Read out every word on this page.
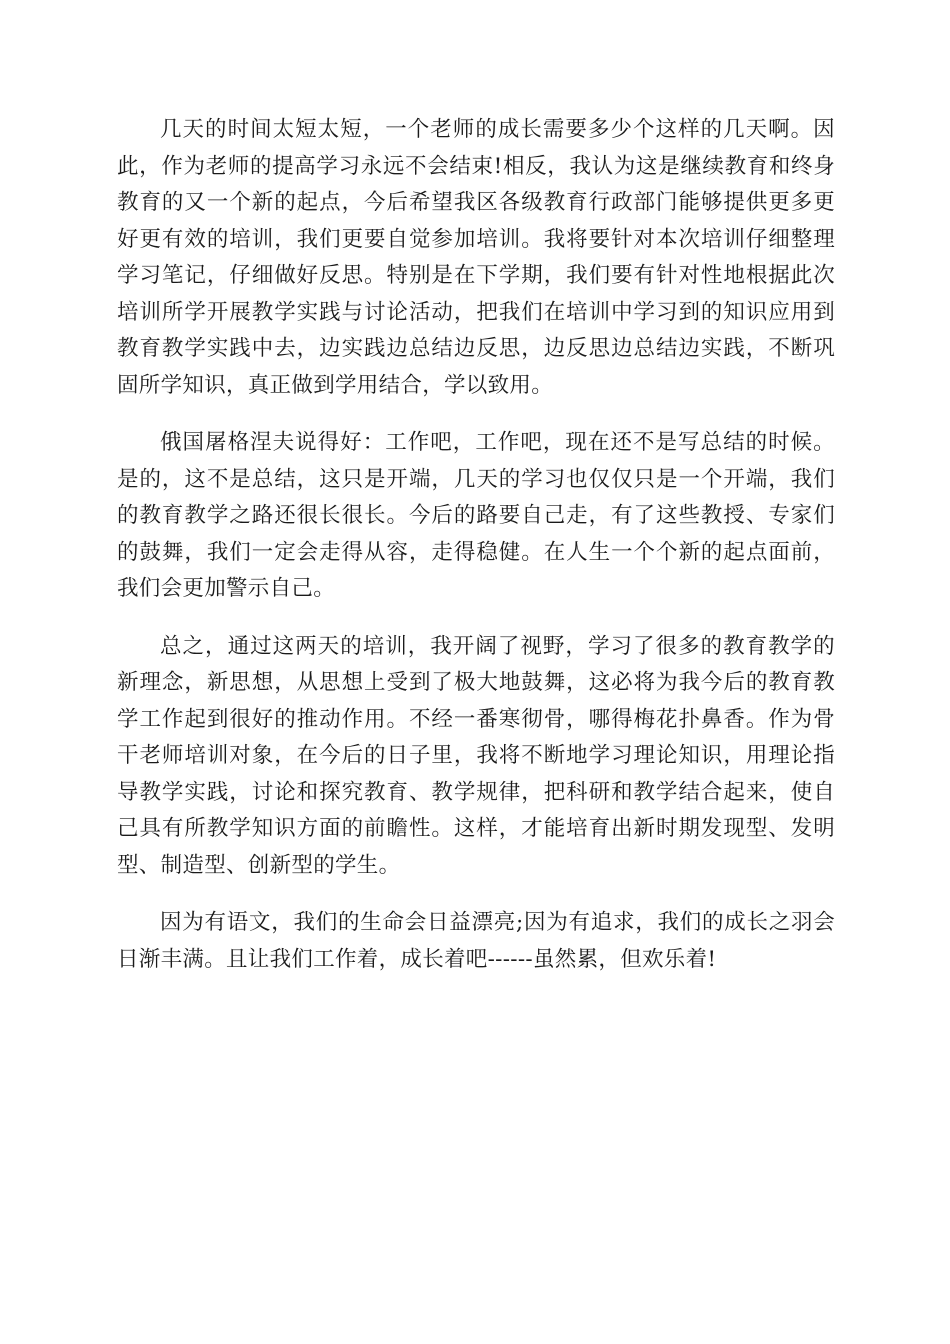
几天的时间太短太短，一个老师的成长需要多少个这样的几天啊。因此，作为老师的提高学习永远不会结束!相反，我认为这是继续教育和终身教育的又一个新的起点，今后希望我区各级教育行政部门能够提供更多更好更有效的培训，我们更要自觉参加培训。我将要针对本次培训仔细整理学习笔记，仔细做好反思。特别是在下学期，我们要有针对性地根据此次培训所学开展教学实践与讨论活动，把我们在培训中学习到的知识应用到教育教学实践中去，边实践边总结边反思，边反思边总结边实践，不断巩固所学知识，真正做到学用结合，学以致用。

俄国屠格涅夫说得好：工作吧，工作吧，现在还不是写总结的时候。是的，这不是总结，这只是开端，几天的学习也仅仅只是一个开端，我们的教育教学之路还很长很长。今后的路要自己走，有了这些教授、专家们的鼓舞，我们一定会走得从容，走得稳健。在人生一个个新的起点面前，我们会更加警示自己。

总之，通过这两天的培训，我开阔了视野，学习了很多的教育教学的新理念，新思想，从思想上受到了极大地鼓舞，这必将为我今后的教育教学工作起到很好的推动作用。不经一番寒彻骨，哪得梅花扑鼻香。作为骨干老师培训对象，在今后的日子里，我将不断地学习理论知识，用理论指导教学实践，讨论和探究教育、教学规律，把科研和教学结合起来，使自己具有所教学知识方面的前瞻性。这样，才能培育出新时期发现型、发明型、制造型、创新型的学生。

因为有语文，我们的生命会日益漂亮;因为有追求，我们的成长之羽会日渐丰满。且让我们工作着，成长着吧------虽然累，但欢乐着!
